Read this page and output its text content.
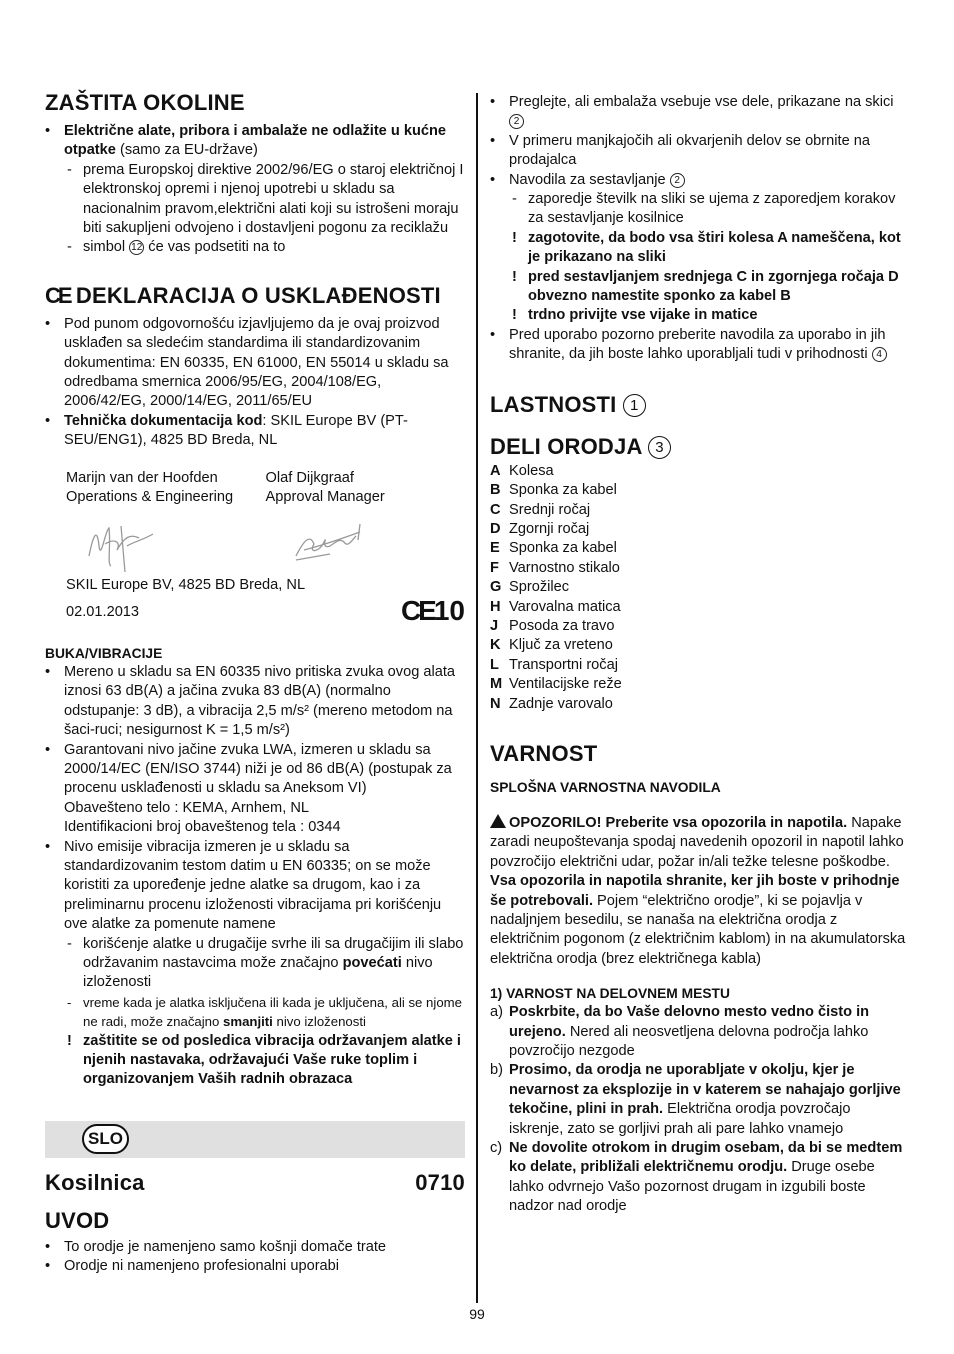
ZAŠTITA OKOLINE
• Električne alate, pribora i ambalaže ne odlažite u kućne otpatke (samo za EU-države)
- prema Europskoj direktive 2002/96/EG o staroj električnoj I elektronskoj opremi i njenoj upotrebi u skladu sa nacionalnim pravom,električni alati koji su istrošeni moraju biti sakupljeni odvojeno i dostavljeni pogonu za reciklažu
- simbol 12 će vas podsetiti na to
CE DEKLARACIJA O USKLAĐENOSTI
• Pod punom odgovornošću izjavljujemo da je ovaj proizvod usklađen sa sledećim standardima ili standardizovanim dokumentima: EN 60335, EN 61000, EN 55014 u skladu sa odredbama smernica 2006/95/EG, 2004/108/EG, 2006/42/EG, 2000/14/EG, 2011/65/EU
• Tehnička dokumentacija kod: SKIL Europe BV (PT-SEU/ENG1), 4825 BD Breda, NL
Marijn van der Hoofden
Operations & Engineering
Olaf Dijkgraaf
Approval Manager
SKIL Europe BV, 4825 BD Breda, NL
02.01.2013	CE10
BUKA/VIBRACIJE
• Mereno u skladu sa EN 60335 nivo pritiska zvuka ovog alata iznosi 63 dB(A) a jačina zvuka 83 dB(A) (normalno odstupanje: 3 dB), a vibracija 2,5 m/s² (mereno metodom na šaci-ruci; nesigurnost K = 1,5 m/s²)
• Garantovani nivo jačine zvuka LWA, izmeren u skladu sa 2000/14/EC (EN/ISO 3744) niži je od 86 dB(A) (postupak za procenu usklađenosti u skladu sa Aneksom VI)
Obavešteno telo : KEMA, Arnhem, NL
Identifikacioni broj obaveštenog tela : 0344
• Nivo emisije vibracija izmeren je u skladu sa standardizovanim testom datim u EN 60335; on se može koristiti za upoređenje jedne alatke sa drugom, kao i za preliminarnu procenu izloženosti vibracijama pri korišćenju ove alatke za pomenute namene
- korišćenje alatke u drugačije svrhe ili sa drugačijim ili slabo održavanim nastavcima može značajno povećati nivo izloženosti
- vreme kada je alatka isključena ili kada je uključena, ali se njome ne radi, može značajno smanjiti nivo izloženosti
! zaštitite se od posledica vibracija održavanjem alatke i njenih nastavaka, održavajući Vaše ruke toplim i organizovanjem Vaših radnih obrazaca
SLO
Kosilnica	0710
UVOD
• To orodje je namenjeno samo košnji domače trate
• Orodje ni namenjeno profesionalni uporabi
• Preglejte, ali embalaža vsebuje vse dele, prikazane na skici 2
• V primeru manjkajočih ali okvarjenih delov se obrnite na prodajalca
• Navodila za sestavljanje 2
- zaporedje številk na sliki se ujema z zaporedjem korakov za sestavljanje kosilnice
! zagotovite, da bodo vsa štiri kolesa A nameščena, kot je prikazano na sliki
! pred sestavljanjem srednjega C in zgornjega ročaja D obvezno namestite sponko za kabel B
! trdno privijte vse vijake in matice
• Pred uporabo pozorno preberite navodila za uporabo in jih shranite, da jih boste lahko uporabljali tudi v prihodnosti 4
LASTNOSTI 1
DELI ORODJA 3
A Kolesa
B Sponka za kabel
C Srednji ročaj
D Zgornji ročaj
E Sponka za kabel
F Varnostno stikalo
G Sprožilec
H Varovalna matica
J Posoda za travo
K Ključ za vreteno
L Transportni ročaj
M Ventilacijske reže
N Zadnje varovalo
VARNOST
SPLOŠNA VARNOSTNA NAVODILA

OPOZORILO! Preberite vsa opozorila in napotila. Napake zaradi neupoštevanja spodaj navedenih opozoril in napotil lahko povzročijo električni udar, požar in/ali težke telesne poškodbe. Vsa opozorila in napotila shranite, ker jih boste v prihodnje še potrebovali. Pojem “električno orodje”, ki se pojavlja v nadaljnjem besedilu, se nanaša na električna orodja z električnim pogonom (z električnim kablom) in na akumulatorska električna orodja (brez električnega kabla)

1) VARNOST NA DELOVNEM MESTU
a) Poskrbite, da bo Vaše delovno mesto vedno čisto in urejeno. Nered ali neosvetljena delovna področja lahko povzročijo nezgode
b) Prosimo, da orodja ne uporabljate v okolju, kjer je nevarnost za eksplozije in v katerem se nahajajo gorljive tekočine, plini in prah. Električna orodja povzročajo iskrenje, zato se gorljivi prah ali pare lahko vnamejo
c) Ne dovolite otrokom in drugim osebam, da bi se medtem ko delate, približali električnemu orodju. Druge osebe lahko odvrnejo Vašo pozornost drugam in izgubili boste nadzor nad orodje
99
